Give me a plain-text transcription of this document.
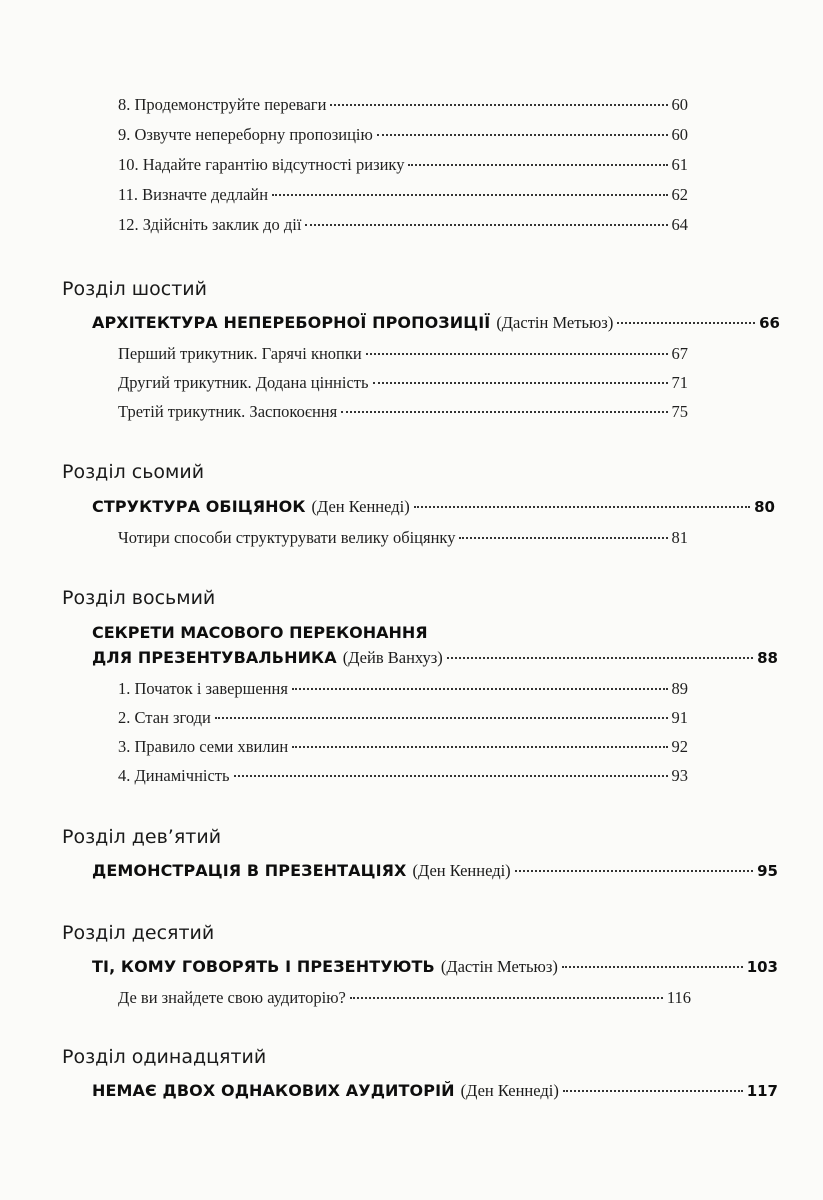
8. Продемонструйте переваги	60
9. Озвучте непереборну пропозицію	60
10. Надайте гарантію відсутності ризику	61
11. Визначте дедлайн	62
12. Здійсніть заклик до дії	64
Розділ шостий
АРХІТЕКТУРА НЕПЕРЕБОРНОЇ ПРОПОЗИЦІЇ (Дастін Метьюз)	66
Перший трикутник. Гарячі кнопки	67
Другий трикутник. Додана цінність	71
Третій трикутник. Заспокоєння	75
Розділ сьомий
СТРУКТУРА ОБІЦЯНОК (Ден Кеннеді)	80
Чотири способи структурувати велику обіцянку	81
Розділ восьмий
СЕКРЕТИ МАСОВОГО ПЕРЕКОНАННЯ
ДЛЯ ПРЕЗЕНТУВАЛЬНИКА (Дейв Ванхуз)	88
1. Початок і завершення	89
2. Стан згоди	91
3. Правило семи хвилин	92
4. Динамічність	93
Розділ дев’ятий
ДЕМОНСТРАЦІЯ В ПРЕЗЕНТАЦІЯХ (Ден Кеннеді)	95
Розділ десятий
ТІ, КОМУ ГОВОРЯТЬ І ПРЕЗЕНТУЮТЬ (Дастін Метьюз)	103
Де ви знайдете свою аудиторію?	116
Розділ одинадцятий
НЕМАЄ ДВОХ ОДНАКОВИХ АУДИТОРІЙ (Ден Кеннеді)	117
